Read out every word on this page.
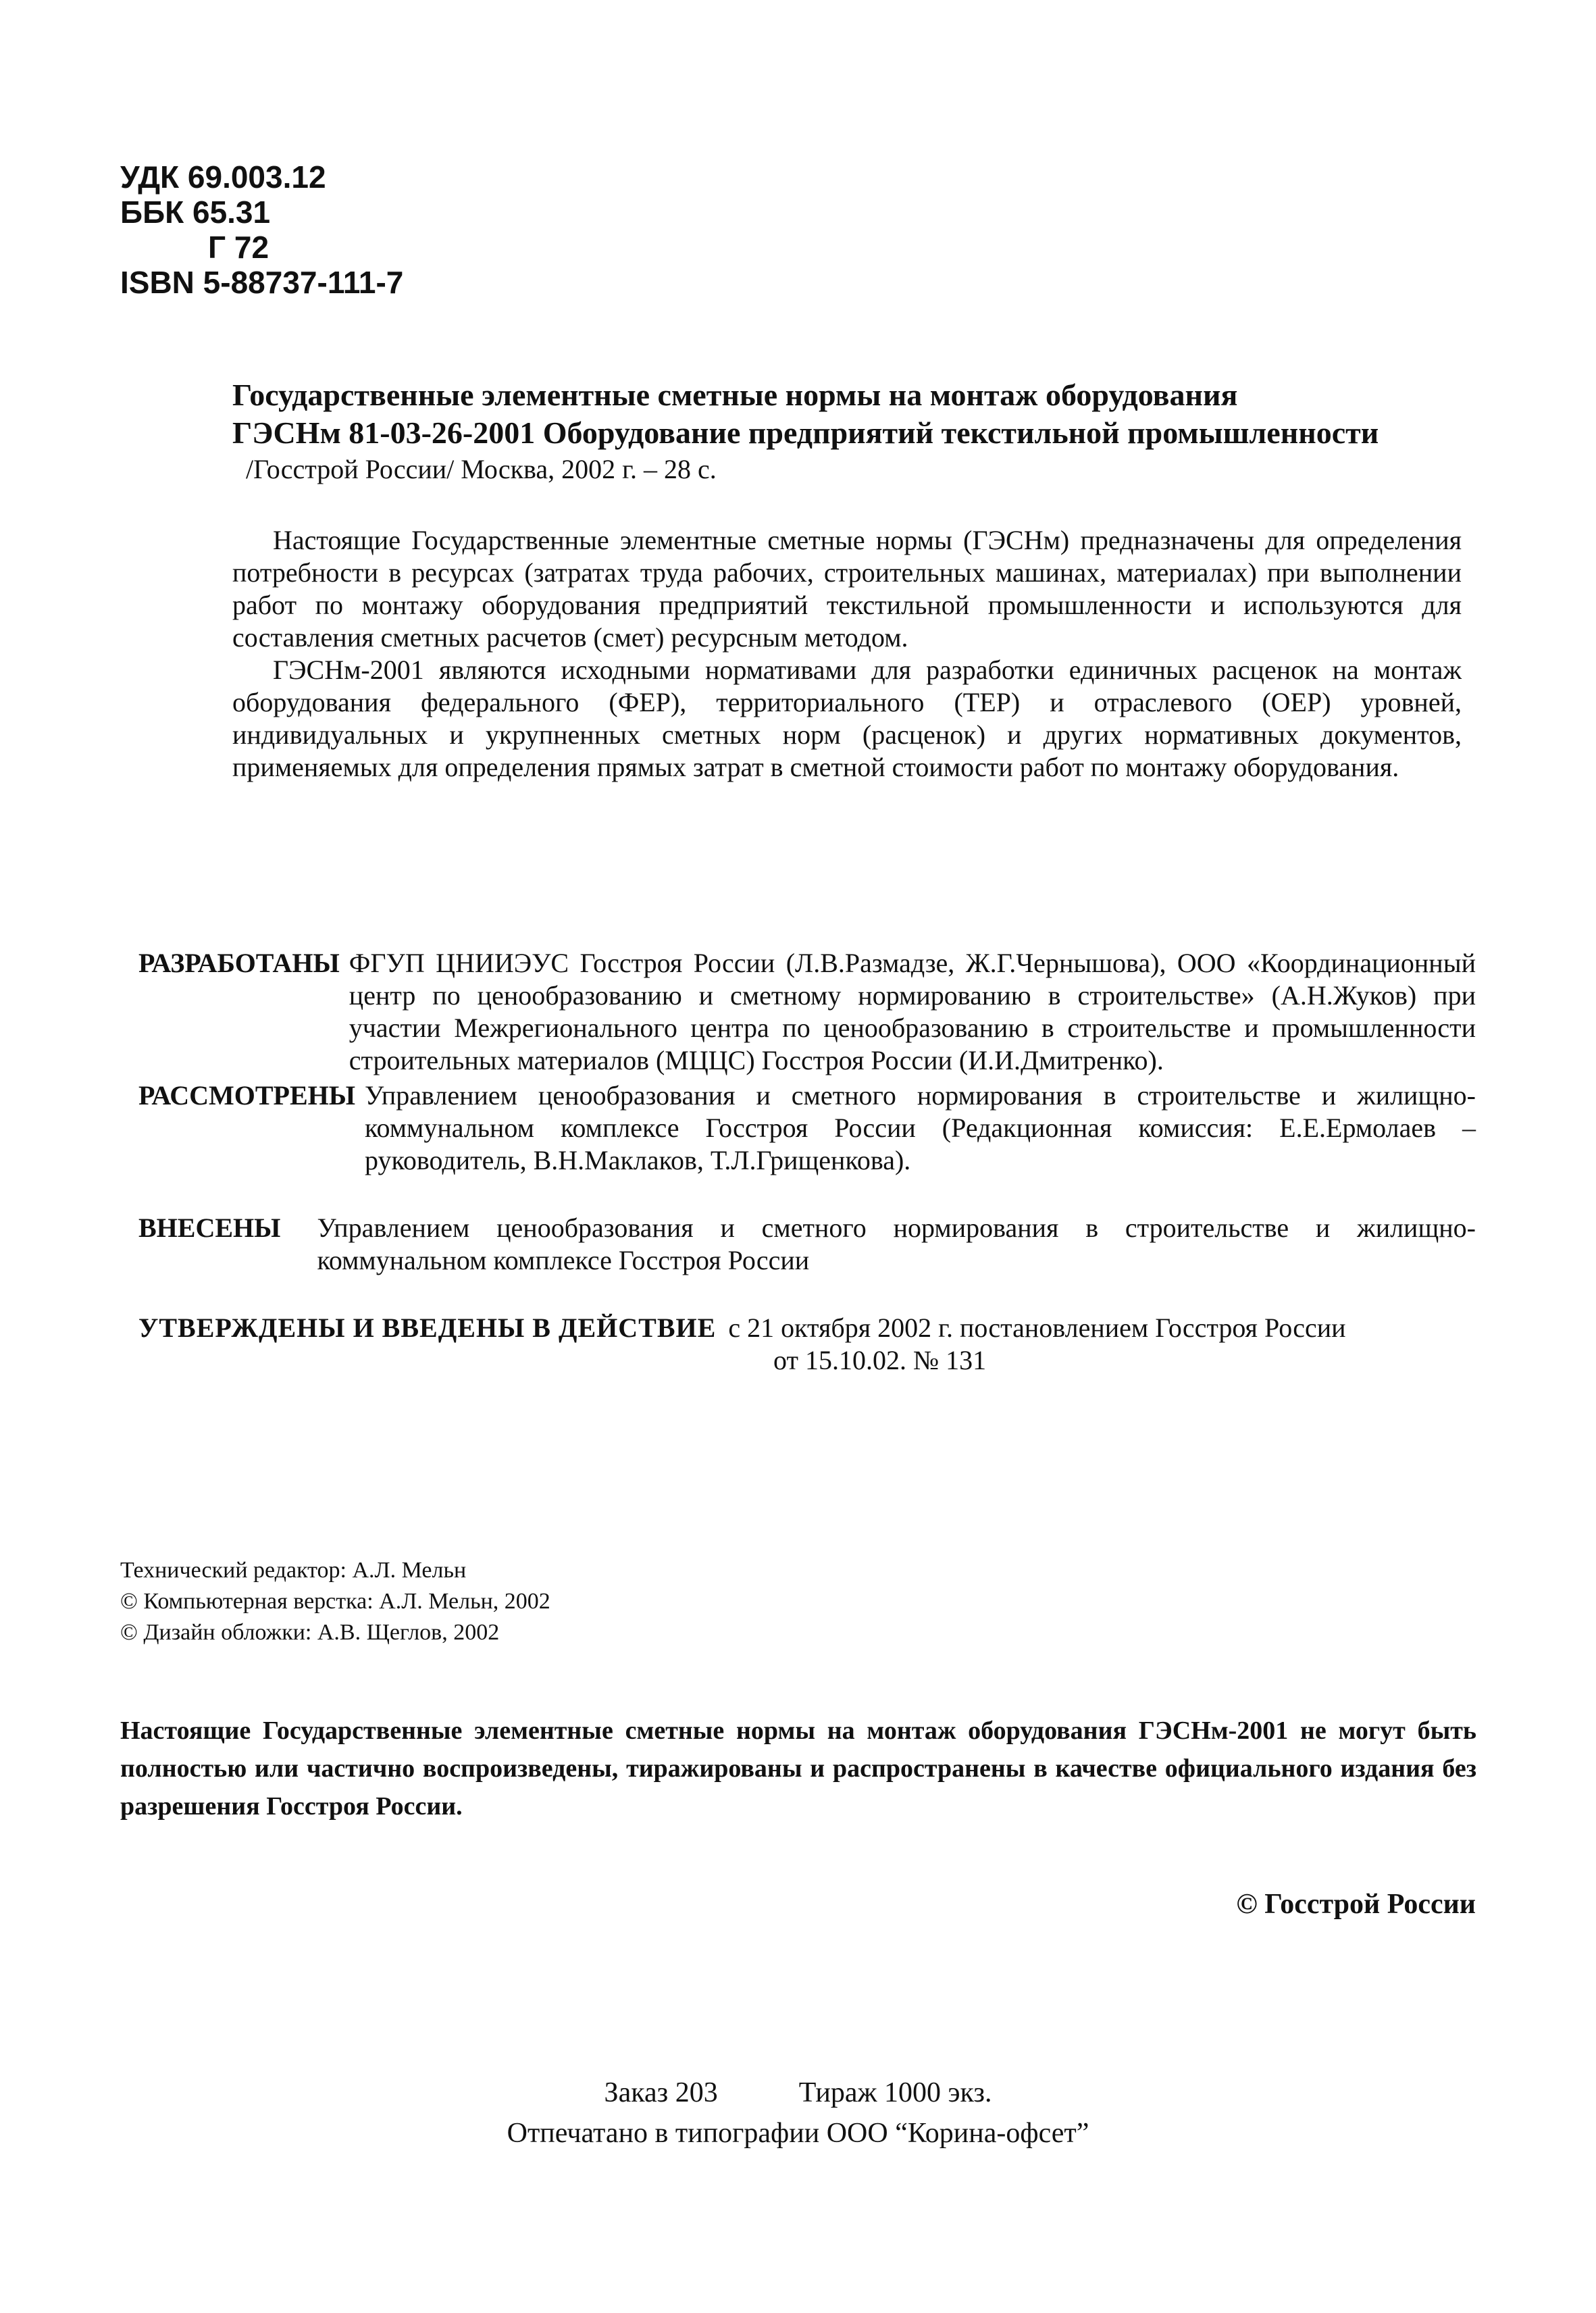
УДК 69.003.12
ББК 65.31
Г 72
ISBN 5-88737-111-7
Государственные элементные сметные нормы на монтаж оборудования
ГЭСНм 81-03-26-2001 Оборудование предприятий текстильной промышленности
/Госстрой России/ Москва, 2002 г. – 28 с.

Настоящие Государственные элементные сметные нормы (ГЭСНм) предназначены для определения потребности в ресурсах (затратах труда рабочих, строительных машинах, материалах) при выполнении работ по монтажу оборудования предприятий текстильной промышленности и используются для составления сметных расчетов (смет) ресурсным методом.

ГЭСНм-2001 являются исходными нормативами для разработки единичных расценок на монтаж оборудования федерального (ФЕР), территориального (ТЕР) и отраслевого (ОЕР) уровней, индивидуальных и укрупненных сметных норм (расценок) и других нормативных документов, применяемых для определения прямых затрат в сметной стоимости работ по монтажу оборудования.

РАЗРАБОТАНЫ ФГУП ЦНИИЭУС Госстроя России (Л.В.Размадзе, Ж.Г.Чернышова), ООО «Координационный центр по ценообразованию и сметному нормированию в строительстве» (А.Н.Жуков) при участии Межрегионального центра по ценообразованию в строительстве и промышленности строительных материалов (МЦЦС) Госстроя России (И.И.Дмитренко).
РАССМОТРЕНЫ Управлением ценообразования и сметного нормирования в строительстве и жилищно-коммунальном комплексе Госстроя России (Редакционная комиссия: Е.Е.Ермолаев – руководитель, В.Н.Маклаков, Т.Л.Грищенкова).
ВНЕСЕНЫ	Управлением ценообразования и сметного нормирования в строительстве и жилищно-коммунальном комплексе Госстроя России
УТВЕРЖДЕНЫ И ВВЕДЕНЫ В ДЕЙСТВИЕ с 21 октября 2002 г. постановлением Госстроя России
от 15.10.02. № 131
Технический редактор: А.Л. Мельн
© Компьютерная верстка: А.Л. Мельн, 2002
© Дизайн обложки: А.В. Щеглов, 2002
Настоящие Государственные элементные сметные нормы на монтаж оборудования ГЭСНм-2001 не могут быть полностью или частично воспроизведены, тиражированы и распространены в качестве официального издания без разрешения Госстроя России.
© Госстрой России
Заказ 203	Тираж 1000 экз.
Отпечатано в типографии ООО “Корина-офсет”
